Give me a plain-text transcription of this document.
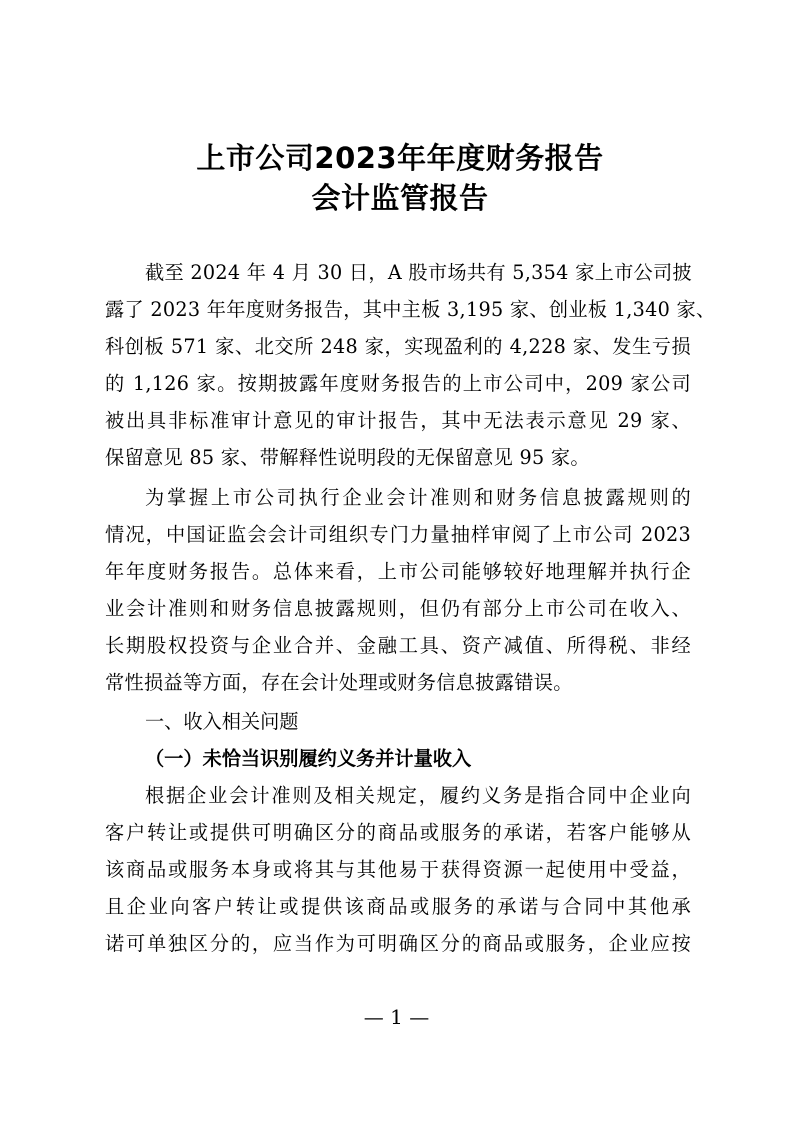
上市公司2023年年度财务报告
会计监管报告
截至 2024 年 4 月 30 日，A 股市场共有 5,354 家上市公司披
露了 2023 年年度财务报告，其中主板 3,195 家、创业板 1,340 家、
科创板 571 家、北交所 248 家，实现盈利的 4,228 家、发生亏损
的 1,126 家。按期披露年度财务报告的上市公司中，209 家公司
被出具非标准审计意见的审计报告，其中无法表示意见 29 家、
保留意见 85 家、带解释性说明段的无保留意见 95 家。
为掌握上市公司执行企业会计准则和财务信息披露规则的
情况，中国证监会会计司组织专门力量抽样审阅了上市公司 2023
年年度财务报告。总体来看，上市公司能够较好地理解并执行企
业会计准则和财务信息披露规则，但仍有部分上市公司在收入、
长期股权投资与企业合并、金融工具、资产减值、所得税、非经
常性损益等方面，存在会计处理或财务信息披露错误。
一、收入相关问题
（一）未恰当识别履约义务并计量收入
根据企业会计准则及相关规定，履约义务是指合同中企业向
客户转让或提供可明确区分的商品或服务的承诺，若客户能够从
该商品或服务本身或将其与其他易于获得资源一起使用中受益，
且企业向客户转让或提供该商品或服务的承诺与合同中其他承
诺可单独区分的，应当作为可明确区分的商品或服务，企业应按
— 1 —
